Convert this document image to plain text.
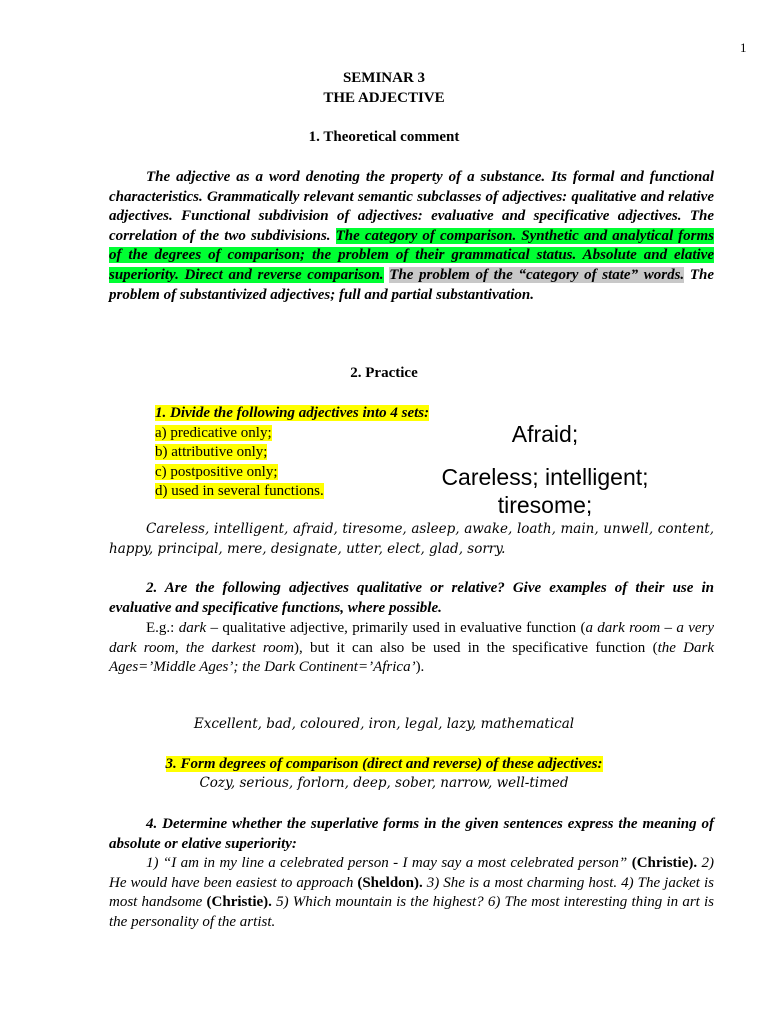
1
SEMINAR 3
THE ADJECTIVE
1. Theoretical comment
The adjective as a word denoting the property of a substance. Its formal and functional characteristics. Grammatically relevant semantic subclasses of adjectives: qualitative and relative adjectives. Functional subdivision of adjectives: evaluative and specificative adjectives. The correlation of the two subdivisions. The category of comparison. Synthetic and analytical forms of the degrees of comparison; the problem of their grammatical status. Absolute and elative superiority. Direct and reverse comparison. The problem of the “category of state” words. The problem of substantivized adjectives; full and partial substantivation.
2. Practice
1. Divide the following adjectives into 4 sets:
a) predicative only;
b) attributive only;
c) postpositive only;
d) used in several functions.
Afraid;
Careless; intelligent;
tiresome;
Careless, intelligent, afraid, tiresome, asleep, awake, loath, main, unwell, content, happy, principal, mere, designate, utter, elect, glad, sorry.
2. Are the following adjectives qualitative or relative? Give examples of their use in evaluative and specificative functions, where possible.
E.g.: dark – qualitative adjective, primarily used in evaluative function (a dark room – a very dark room, the darkest room), but it can also be used in the specificative function (the Dark Ages=’Middle Ages’; the Dark Continent=’Africa’).
Excellent, bad, coloured, iron, legal, lazy, mathematical
3. Form degrees of comparison (direct and reverse) of these adjectives:
Cozy, serious, forlorn, deep, sober, narrow, well-timed
4. Determine whether the superlative forms in the given sentences express the meaning of absolute or elative superiority:
1) “I am in my line a celebrated person - I may say a most celebrated person” (Christie). 2) He would have been easiest to approach (Sheldon). 3) She is a most charming host. 4) The jacket is most handsome (Christie). 5) Which mountain is the highest? 6) The most interesting thing in art is the personality of the artist.
